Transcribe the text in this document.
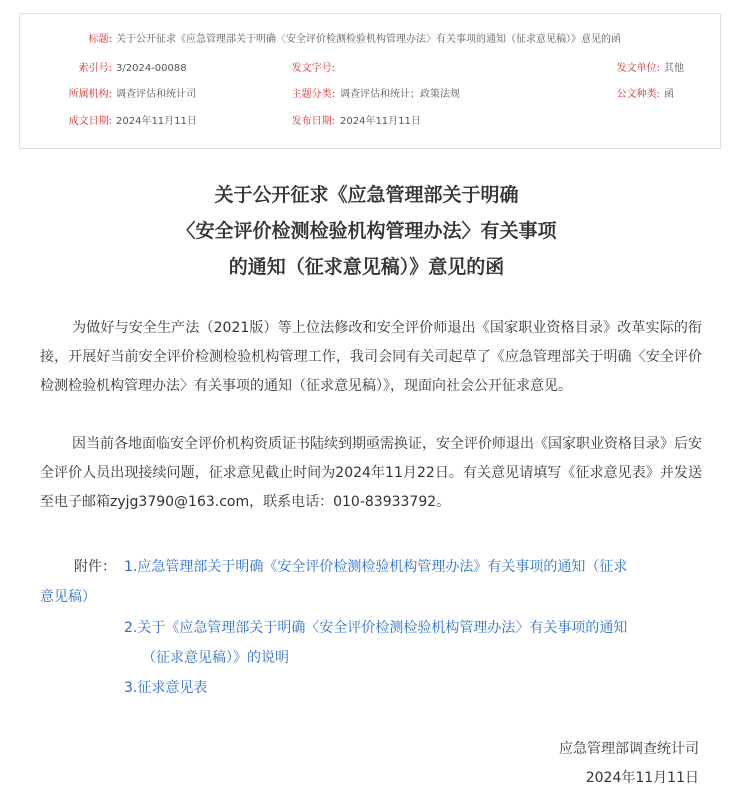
标题: 关于公开征求《应急管理部关于明确〈安全评价检测检验机构管理办法〉有关事项的通知（征求意见稿）》意见的函
索引号: 3/2024-00088	发文字号:	发文单位: 其他
所属机构: 调查评估和统计司	主题分类: 调查评估和统计；政策法规	公文种类: 函
成文日期: 2024年11月11日	发布日期: 2024年11月11日
关于公开征求《应急管理部关于明确
〈安全评价检测检验机构管理办法〉有关事项
的通知（征求意见稿）》意见的函
为做好与安全生产法（2021版）等上位法修改和安全评价师退出《国家职业资格目录》改革实际的衔接，开展好当前安全评价检测检验机构管理工作，我司会同有关司起草了《应急管理部关于明确〈安全评价检测检验机构管理办法〉有关事项的通知（征求意见稿）》，现面向社会公开征求意见。
因当前各地面临安全评价机构资质证书陆续到期亟需换证，安全评价师退出《国家职业资格目录》后安全评价人员出现接续问题，征求意见截止时间为2024年11月22日。有关意见请填写《征求意见表》并发送至电子邮箱zyjg3790@163.com，联系电话：010-83933792。
附件： 1.应急管理部关于明确《安全评价检测检验机构管理办法》有关事项的通知（征求
意见稿）
2.关于《应急管理部关于明确〈安全评价检测检验机构管理办法〉有关事项的通知
（征求意见稿）》的说明
3.征求意见表
应急管理部调查统计司
2024年11月11日
